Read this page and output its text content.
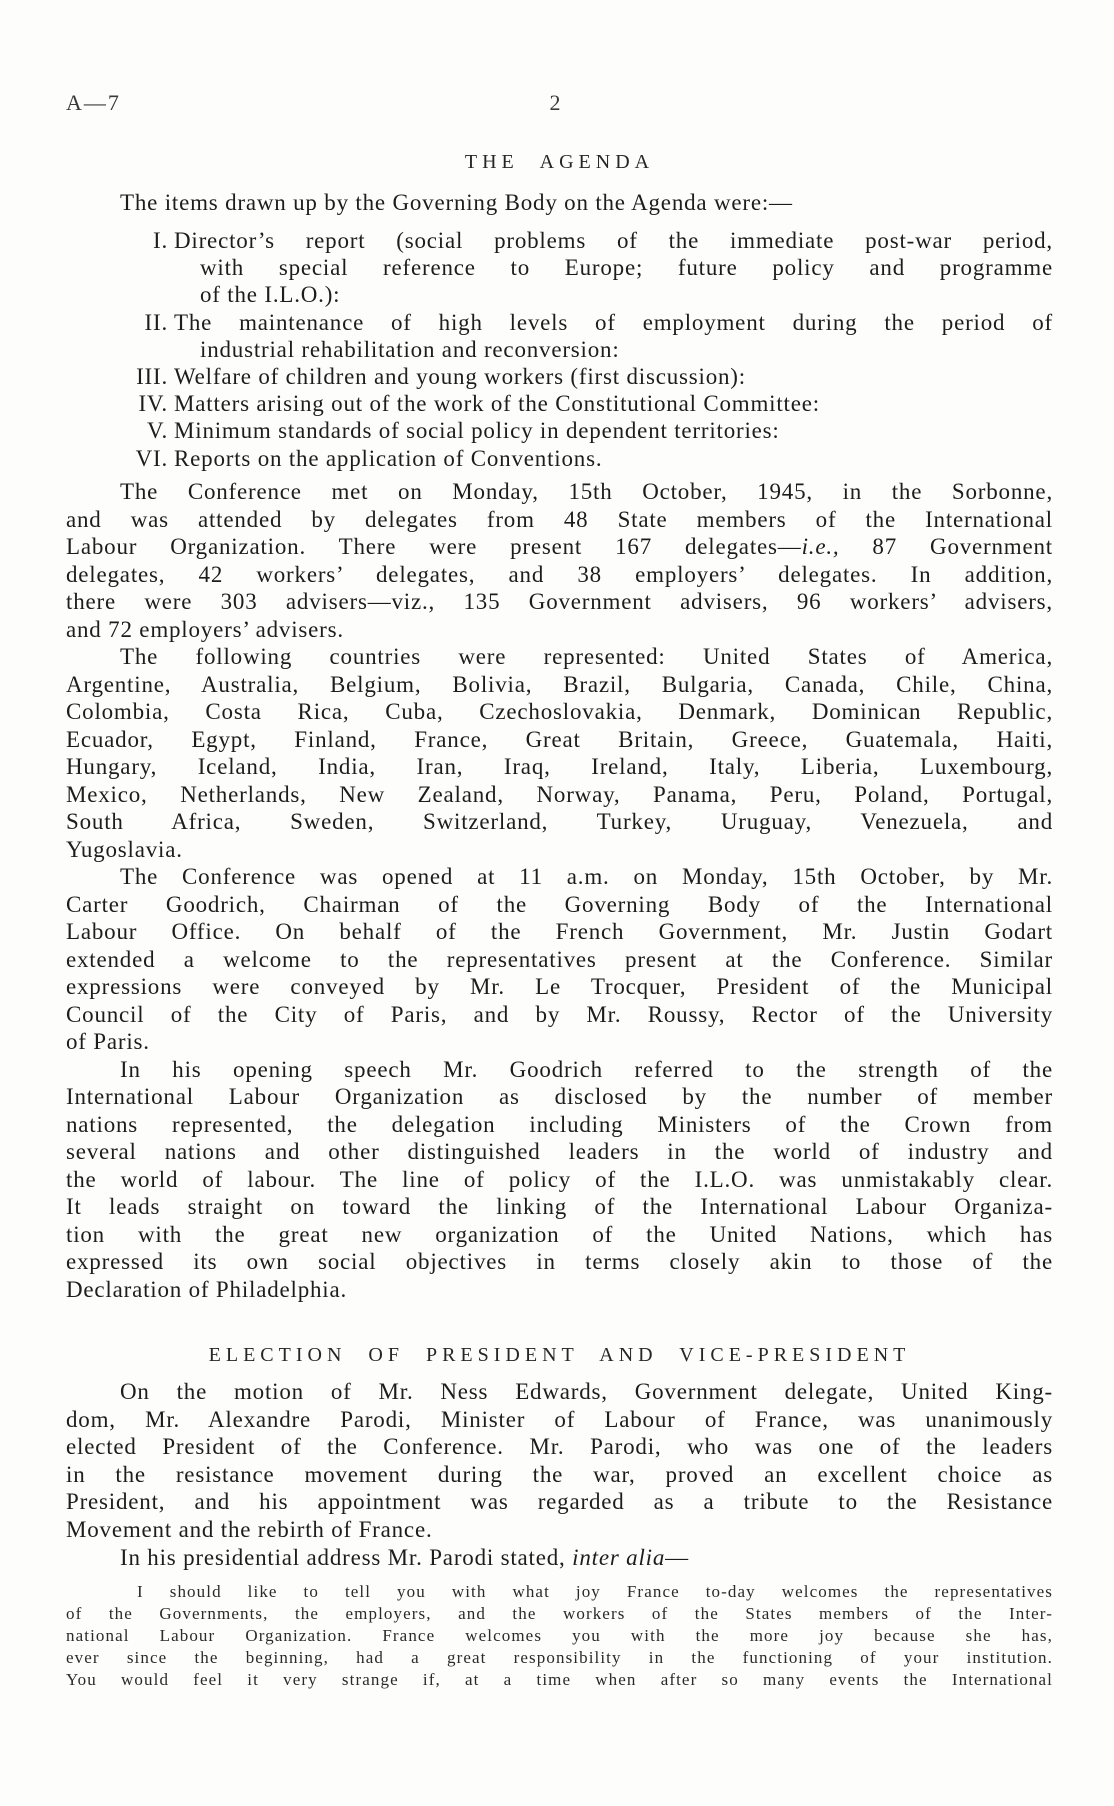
A—7	2
THE AGENDA
The items drawn up by the Governing Body on the Agenda were:—
I. Director’s report (social problems of the immediate post-war period,
with special reference to Europe; future policy and programme
of the I.L.O.):
II. The maintenance of high levels of employment during the period of
industrial rehabilitation and reconversion:
III. Welfare of children and young workers (first discussion):
IV. Matters arising out of the work of the Constitutional Committee:
V. Minimum standards of social policy in dependent territories:
VI. Reports on the application of Conventions.
The Conference met on Monday, 15th October, 1945, in the Sorbonne,
and was attended by delegates from 48 State members of the International
Labour Organization. There were present 167 delegates—i.e., 87 Government
delegates, 42 workers’ delegates, and 38 employers’ delegates. In addition,
there were 303 advisers—viz., 135 Government advisers, 96 workers’ advisers,
and 72 employers’ advisers.
The following countries were represented: United States of America,
Argentine, Australia, Belgium, Bolivia, Brazil, Bulgaria, Canada, Chile, China,
Colombia, Costa Rica, Cuba, Czechoslovakia, Denmark, Dominican Republic,
Ecuador, Egypt, Finland, France, Great Britain, Greece, Guatemala, Haiti,
Hungary, Iceland, India, Iran, Iraq, Ireland, Italy, Liberia, Luxembourg,
Mexico, Netherlands, New Zealand, Norway, Panama, Peru, Poland, Portugal,
South Africa, Sweden, Switzerland, Turkey, Uruguay, Venezuela, and
Yugoslavia.
The Conference was opened at 11 a.m. on Monday, 15th October, by Mr.
Carter Goodrich, Chairman of the Governing Body of the International
Labour Office. On behalf of the French Government, Mr. Justin Godart
extended a welcome to the representatives present at the Conference. Similar
expressions were conveyed by Mr. Le Trocquer, President of the Municipal
Council of the City of Paris, and by Mr. Roussy, Rector of the University
of Paris.
In his opening speech Mr. Goodrich referred to the strength of the
International Labour Organization as disclosed by the number of member
nations represented, the delegation including Ministers of the Crown from
several nations and other distinguished leaders in the world of industry and
the world of labour. The line of policy of the I.L.O. was unmistakably clear.
It leads straight on toward the linking of the International Labour Organiza-
tion with the great new organization of the United Nations, which has
expressed its own social objectives in terms closely akin to those of the
Declaration of Philadelphia.
ELECTION OF PRESIDENT AND VICE-PRESIDENT
On the motion of Mr. Ness Edwards, Government delegate, United King-
dom, Mr. Alexandre Parodi, Minister of Labour of France, was unanimously
elected President of the Conference. Mr. Parodi, who was one of the leaders
in the resistance movement during the war, proved an excellent choice as
President, and his appointment was regarded as a tribute to the Resistance
Movement and the rebirth of France.
In his presidential address Mr. Parodi stated, inter alia—
I should like to tell you with what joy France to-day welcomes the representatives
of the Governments, the employers, and the workers of the States members of the Inter-
national Labour Organization. France welcomes you with the more joy because she has,
ever since the beginning, had a great responsibility in the functioning of your institution.
You would feel it very strange if, at a time when after so many events the International
